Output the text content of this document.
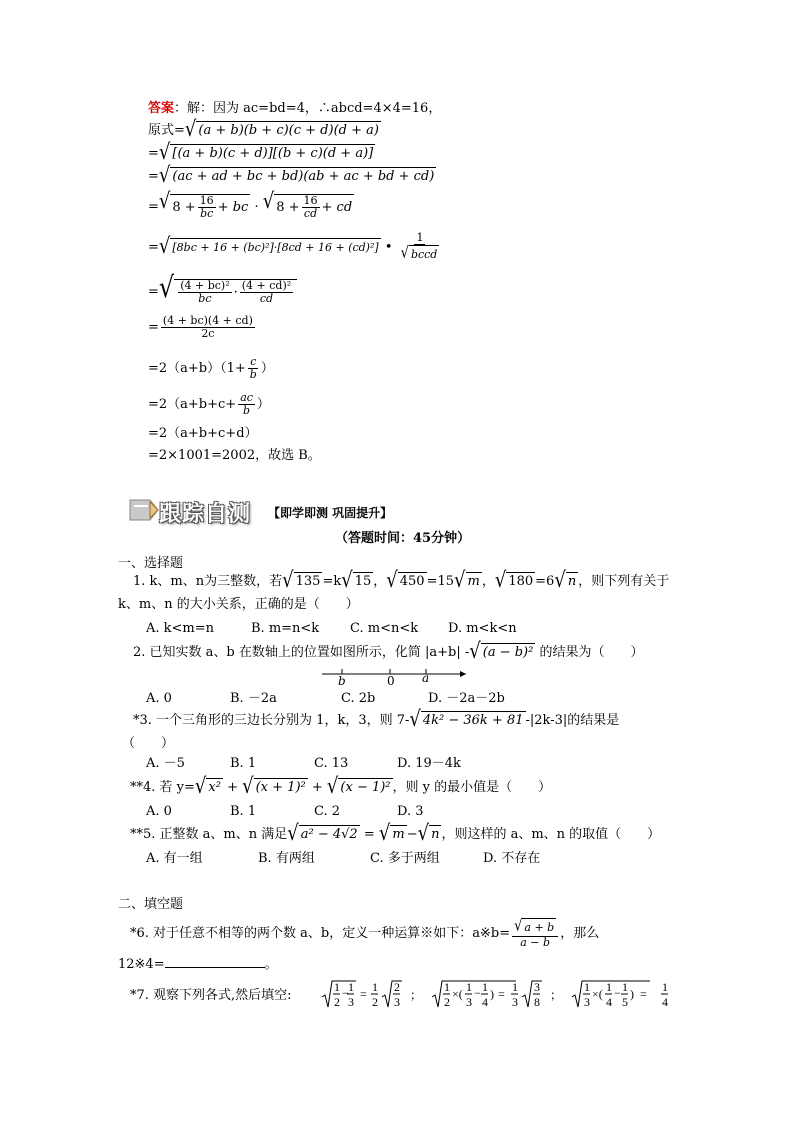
答案：解：因为 ac=bd=4，∴abcd=4×4=16，
原式= √ (a + b)(b + c)(c + d)(d + a)
= √ [(a + b)(c + d)][(b + c)(d + a)]
= √ (ac + ad + bc + bd)(ab + ac + bd + cd)
= √ $8 + \frac{16}{bc}$ + bc · √ $8 + \frac{16}{cd}$ + cd
= √ [8bc + 16 + (bc)²]·[8cd + 16 + (cd)²] • $\frac{1}{\text{√ bccd}}$
= √ $\frac{\text{(4 + bc)²}}{bc} \cdot \frac{\text{(4 + cd)²}}{cd}$
= $\frac{(4 + bc)(4 + cd)}{2c}$
$=2(a+b)(1+ \frac{c}{b}$ ）
$=2(a+b+c+ \frac{ac}{b}$ ）
=2（a+b+c+d）
=2×1001=2002，故选 B。
跟踪自测 【即学即测 巩固提升】
（答题时间：45分钟）
一、选择题
1. k、m、n为三整数，若 √ 135 =k √ 15 ， √ 450 =15 √ m ， √ 180 =6 √ n ，则下列有关于
k、m、n 的大小关系，正确的是（　　）
A. k<m=n	B. m=n<k C. m<n<k D. m<k<n
2. 已知实数 a、b 在数轴上的位置如图所示，化简 |a+b| - √ (a − b)² 的结果为（　　）
b	0 a
A. 0	B. －2a	C. 2b	D. －2a－2b
*3. 一个三角形的三边长分别为 1，k，3，则 7- √ 4k² − 36k + 81 -|2k-3|的结果是
（　　）
A. －5	B. 1	C. 13	D. 19－4k
**4. 若 y= √ x² + √ (x + 1)² + √ (x − 1)² ，则 y 的最小值是（　　）
A. 0	B. 1	C. 2	D. 3
**5. 正整数 a、m、n 满足 √ a² − 4√2 = √ m − √ n ，则这样的 a、m、n 的取值（　　）
A. 有一组	B. 有两组	C. 多于两组	D. 不存在
二、填空题
*6. 对于任意不相等的两个数 a、b，定义一种运算※如下：a※b= $\frac{√ a + b}{a - b}$ ，那么
12※4=	。
*7. 观察下列各式,然后填空:
1
2
− 1
3
= 1
2
2
3 ；
1
2
×( 1
3
− 1
4
) = 1
3
3
8 ；
1
3
×( 1
4
− 1
5
) = 1
4
